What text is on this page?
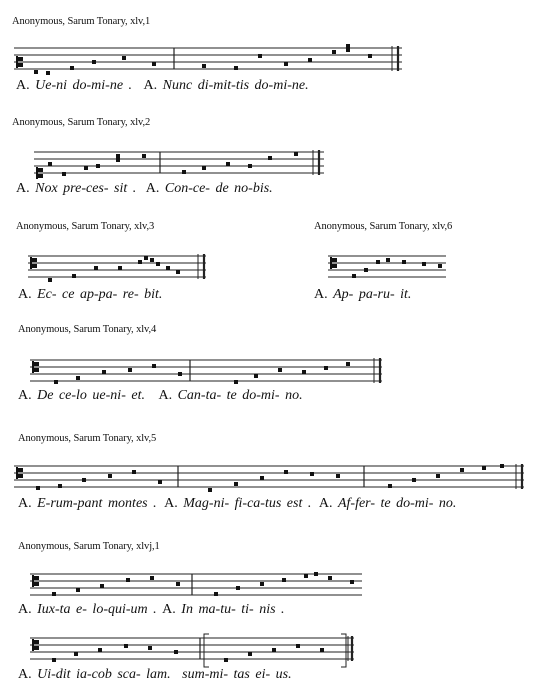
Anonymous, Sarum Tonary, xlv,1
A. Ue-ni do-mi-ne . A. Nunc di-mit-tis do-mi-ne.
Anonymous, Sarum Tonary, xlv,2
A. Nox pre-ces- sit . A. Con-ce- de no-bis.
Anonymous, Sarum Tonary, xlv,3
A. Ec- ce ap-pa- re- bit.
Anonymous, Sarum Tonary, xlv,6
A. Ap- pa-ru- it.
Anonymous, Sarum Tonary, xlv,4
A. De ce-lo ue-ni- et. A. Can-ta- te do-mi- no.
Anonymous, Sarum Tonary, xlv,5
A. E-rum-pant montes . A. Mag-ni- fi-ca-tus est . A. Af-fer- te do-mi- no.
Anonymous, Sarum Tonary, xlvj,1
A. Iux-ta e- lo-qui-um . A. In ma-tu- ti- nis .
A. Ui-dit ia-cob sca- lam. sum-mi- tas ei- us.
